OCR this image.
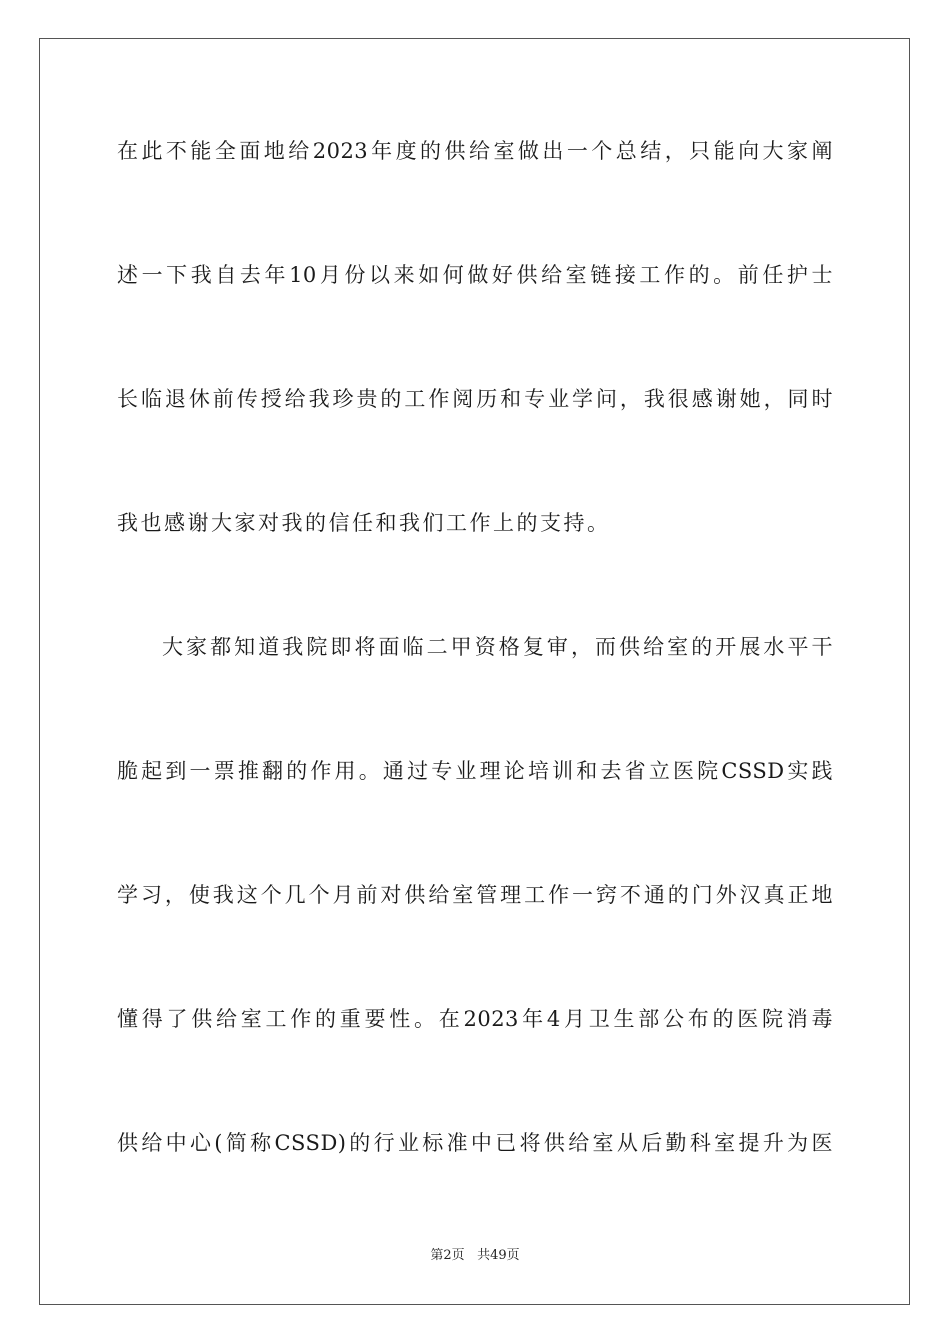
在此不能全面地给2023年度的供给室做出一个总结，只能向大家阐
述一下我自去年10月份以来如何做好供给室链接工作的。前任护士
长临退休前传授给我珍贵的工作阅历和专业学问，我很感谢她，同时
我也感谢大家对我的信任和我们工作上的支持。
大家都知道我院即将面临二甲资格复审，而供给室的开展水平干
脆起到一票推翻的作用。通过专业理论培训和去省立医院CSSD实践
学习，使我这个几个月前对供给室管理工作一窍不通的门外汉真正地
懂得了供给室工作的重要性。在2023年4月卫生部公布的医院消毒
供给中心(简称CSSD)的行业标准中已将供给室从后勤科室提升为医
第2页 共49页
